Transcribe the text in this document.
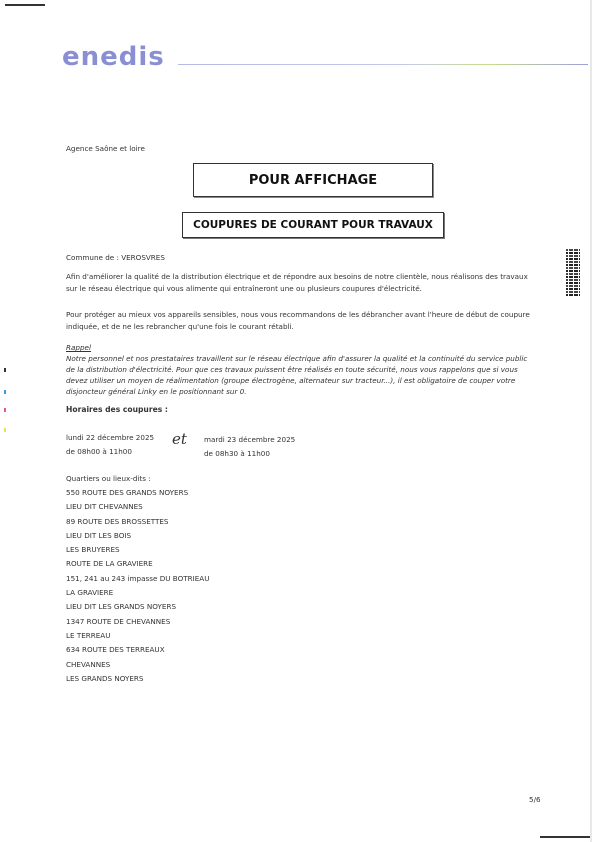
enedis
Agence Saône et loire
POUR AFFICHAGE
COUPURES DE COURANT POUR TRAVAUX
Commune de : VEROSVRES
Afin d'améliorer la qualité de la distribution électrique et de répondre aux besoins de notre clientèle, nous réalisons des travaux
sur le réseau électrique qui vous alimente qui entraîneront une ou plusieurs coupures d'électricité.
Pour protéger au mieux vos appareils sensibles, nous vous recommandons de les débrancher avant l'heure de début de coupure
indiquée, et de ne les rebrancher qu'une fois le courant rétabli.
Rappel
Notre personnel et nos prestataires travaillent sur le réseau électrique afin d'assurer la qualité et la continuité du service public
de la distribution d'électricité. Pour que ces travaux puissent être réalisés en toute sécurité, nous vous rappelons que si vous
devez utiliser un moyen de réalimentation (groupe électrogène, alternateur sur tracteur...), il est obligatoire de couper votre
disjoncteur général Linky en le positionnant sur 0.
Horaires des coupures :
lundi 22 décembre 2025
de 08h00 à 11h00
et mardi 23 décembre 2025
de 08h30 à 11h00
Quartiers ou lieux-dits :
550 ROUTE DES GRANDS NOYERS
LIEU DIT CHEVANNES
89 ROUTE DES BROSSETTES
LIEU DIT LES BOIS
LES BRUYERES
ROUTE DE LA GRAVIERE
151, 241 au 243 impasse DU BOTRIEAU
LA GRAVIERE
LIEU DIT LES GRANDS NOYERS
1347 ROUTE DE CHEVANNES
LE TERREAU
634 ROUTE DES TERREAUX
CHEVANNES
LES GRANDS NOYERS
5/6
